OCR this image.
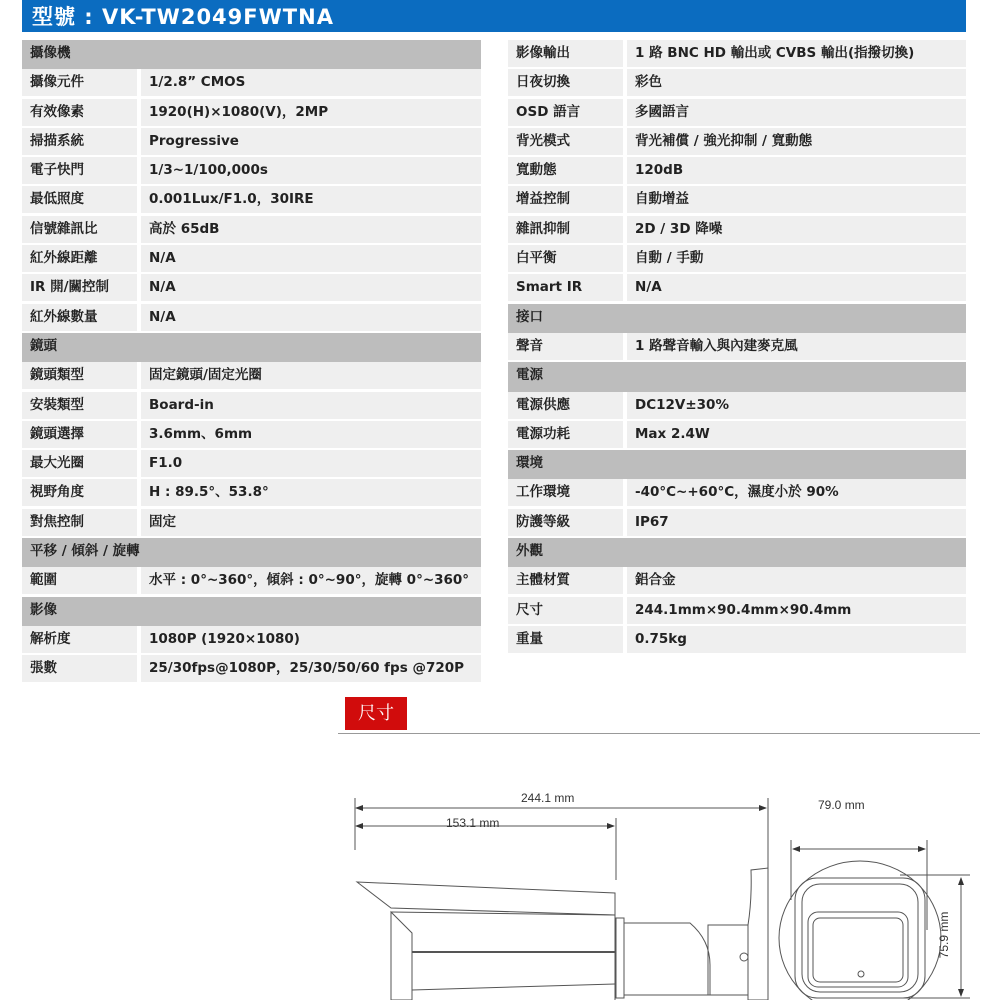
型號 : VK-TW2049FWTNA
攝像機
攝像元件	1/2.8” CMOS
有效像素	1920(H)×1080(V)，2MP
掃描系統	Progressive
電子快門	1/3~1/100,000s
最低照度	0.001Lux/F1.0，30IRE
信號雜訊比	高於 65dB
紅外線距離	N/A
IR 開/關控制	N/A
紅外線數量	N/A
鏡頭
鏡頭類型	固定鏡頭/固定光圈
安裝類型	Board-in
鏡頭選擇	3.6mm、6mm
最大光圈	F1.0
視野角度	H : 89.5°、53.8°
對焦控制	固定
平移 / 傾斜 / 旋轉
範圍	水平 : 0°~360°，傾斜 : 0°~90°，旋轉 0°~360°
影像
解析度	1080P (1920×1080)
張數	25/30fps@1080P，25/30/50/60 fps @720P
影像輸出	1 路 BNC HD 輸出或 CVBS 輸出(指撥切換)
日夜切換	彩色
OSD 語言	多國語言
背光模式	背光補償 / 強光抑制 / 寬動態
寬動態	120dB
增益控制	自動增益
雜訊抑制	2D / 3D 降噪
白平衡	自動 / 手動
Smart IR	N/A
接口
聲音	1 路聲音輸入與內建麥克風
電源
電源供應	DC12V±30%
電源功耗	Max 2.4W
環境
工作環境	-40°C~+60°C，濕度小於 90%
防護等級	IP67
外觀
主體材質	鋁合金
尺寸	244.1mm×90.4mm×90.4mm
重量	0.75kg
尺寸
244.1 mm
153.1 mm
79.0 mm
75.9 mm
